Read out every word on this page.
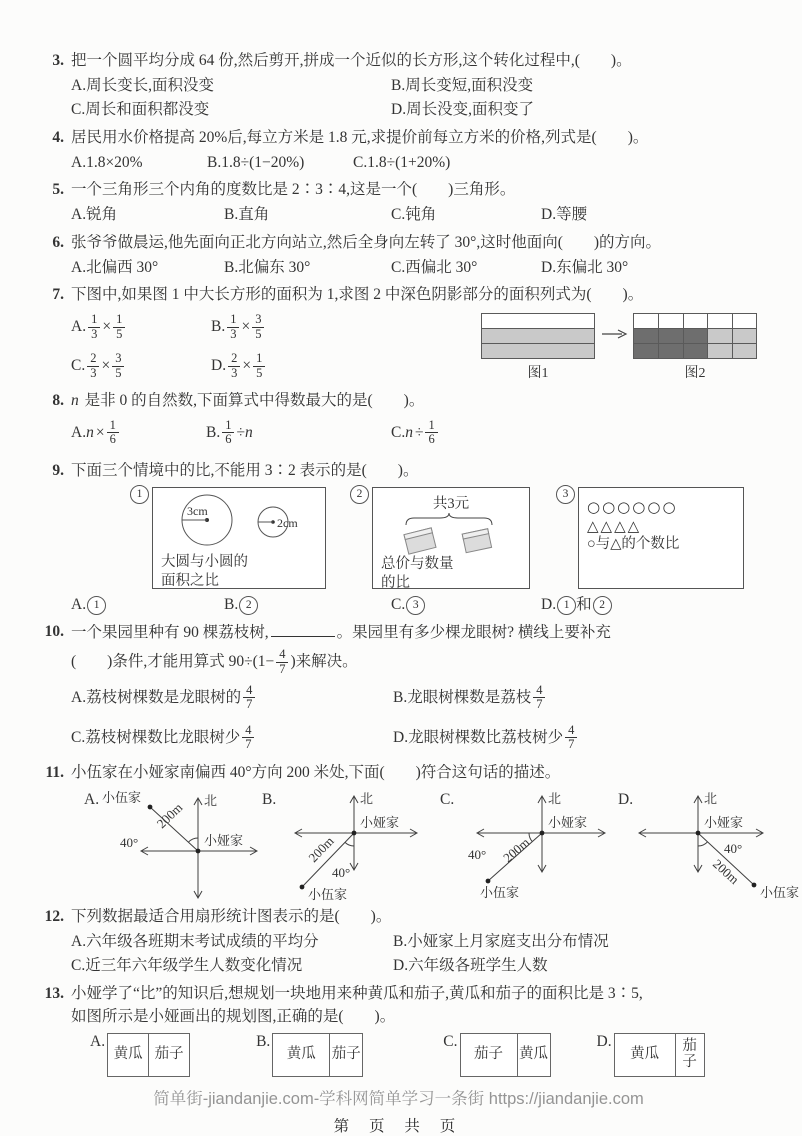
3. 把一个圆平均分成 64 份,然后剪开,拼成一个近似的长方形,这个转化过程中,(　　)。
A.周长变长,面积没变	B.周长变短,面积没变
C.周长和面积都没变	D.周长没变,面积变了
4. 居民用水价格提高 20%后,每立方米是 1.8 元,求提价前每立方米的价格,列式是(　　)。
A.1.8×20%	B.1.8÷(1−20%)	C.1.8÷(1+20%)
5. 一个三角形三个内角的度数比是 2∶3∶4,这是一个(　　)三角形。
A.锐角	B.直角	C.钝角	D.等腰
6. 张爷爷做晨运,他先面向正北方向站立,然后全身向左转了 30°,这时他面向(　　)的方向。
A.北偏西 30°	B.北偏东 30°	C.西偏北 30°	D.东偏北 30°
7. 下图中,如果图 1 中大长方形的面积为 1,求图 2 中深色阴影部分的面积列式为(　　)。
A. $\frac{1}{3} \times \frac{1}{5}$	B. $\frac{1}{3} \times \frac{3}{5}$
C. $\frac{2}{3} \times \frac{3}{5}$	D. $\frac{2}{3} \times \frac{1}{5}$	图1	图2
8. n 是非 0 的自然数,下面算式中得数最大的是(　　)。
A. $n \times \frac{1}{6}$	B. $\frac{1}{6} \div n$	C. $n \div \frac{1}{6}$
9. 下面三个情境中的比,不能用 3∶2 表示的是(　　)。
1
3cm
2cm
大圆与小圆的
面积之比
2
共3元
总价与数量
的比
3
○○○○○○
△△△△
○与△的个数比
A. 1	B. 2	C. 3	D. 1 和 2
10. 一个果园里种有 90 棵荔枝树,	。果园里有多少棵龙眼树? 横线上要补充
(　　)条件,才能用算式 $90\div(1- \frac{4}{7}$ )来解决。
A.荔枝树棵数是龙眼树的 $\frac{4}{7}$	B.龙眼树棵数是荔枝 $\frac{4}{7}$
C.荔枝树棵数比龙眼树少 $\frac{4}{7}$	D.龙眼树棵数比荔枝树少 $\frac{4}{7}$
11. 小伍家在小娅家南偏西 40°方向 200 米处,下面(　　)符合这句话的描述。
A.	北
200m
40°
小伍家
小娅家
B.	北
200m
40°
小娅家
小伍家
C.	北
200m
40°
小娅家
小伍家
D.	北
200m
40°
小娅家
小伍家
12. 下列数据最适合用扇形统计图表示的是(　　)。
A.六年级各班期末考试成绩的平均分	B.小娅家上月家庭支出分布情况
C.近三年六年级学生人数变化情况	D.六年级各班学生人数
13. 小娅学了“比”的知识后,想规划一块地用来种黄瓜和茄子,黄瓜和茄子的面积比是 3∶5,
如图所示是小娅画出的规划图,正确的是(　　)。
A.
黄瓜 茄子
B.
黄瓜	茄子
C.
茄子	黄瓜
D.
黄瓜	茄子
简单街-jiandanjie.com-学科网简单学习一条街 https://jiandanjie.com
第 页 共 页
